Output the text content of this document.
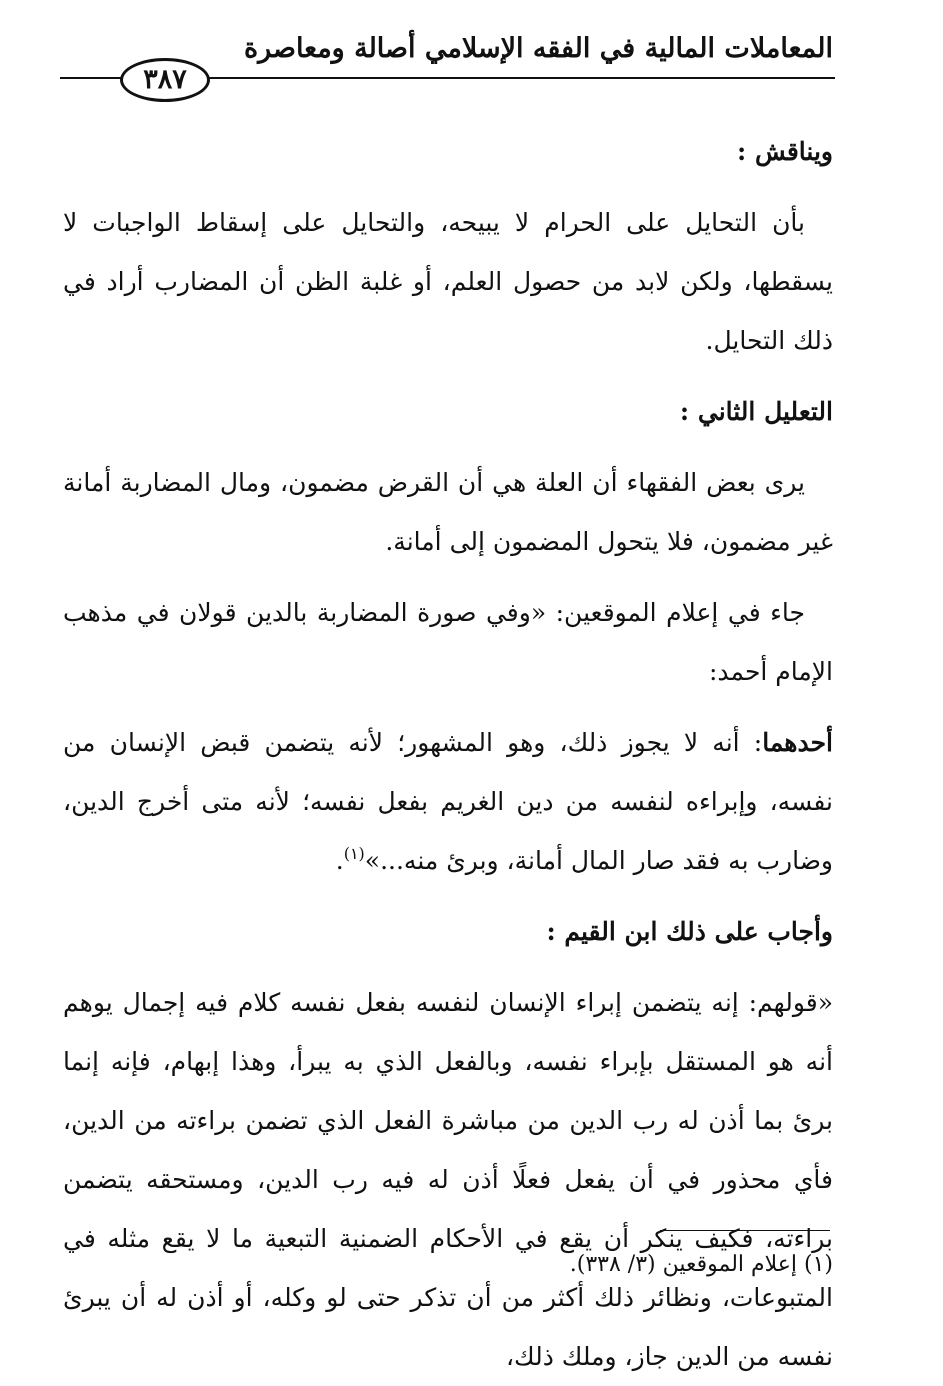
المعاملات المالية في الفقه الإسلامي أصالة ومعاصرة
٣٨٧

ويناقش :

بأن التحايل على الحرام لا يبيحه، والتحايل على إسقاط الواجبات لا يسقطها، ولكن لابد من حصول العلم، أو غلبة الظن أن المضارب أراد في ذلك التحايل.

التعليل الثاني :

يرى بعض الفقهاء أن العلة هي أن القرض مضمون، ومال المضاربة أمانة غير مضمون، فلا يتحول المضمون إلى أمانة.

جاء في إعلام الموقعين: «وفي صورة المضاربة بالدين قولان في مذهب الإمام أحمد:

أحدهما: أنه لا يجوز ذلك، وهو المشهور؛ لأنه يتضمن قبض الإنسان من نفسه، وإبراءه لنفسه من دين الغريم بفعل نفسه؛ لأنه متى أخرج الدين، وضارب به فقد صار المال أمانة، وبرئ منه...»$^{(١)}$.

وأجاب على ذلك ابن القيم :

«قولهم: إنه يتضمن إبراء الإنسان لنفسه بفعل نفسه كلام فيه إجمال يوهم أنه هو المستقل بإبراء نفسه، وبالفعل الذي به يبرأ، وهذا إبهام، فإنه إنما برئ بما أذن له رب الدين من مباشرة الفعل الذي تضمن براءته من الدين، فأي محذور في أن يفعل فعلًا أذن له فيه رب الدين، ومستحقه يتضمن براءته، فكيف ينكر أن يقع في الأحكام الضمنية التبعية ما لا يقع مثله في المتبوعات، ونظائر ذلك أكثر من أن تذكر حتى لو وكله، أو أذن له أن يبرئ نفسه من الدين جاز، وملك ذلك،

(١) إعلام الموقعين (٣/ ٣٣٨).
